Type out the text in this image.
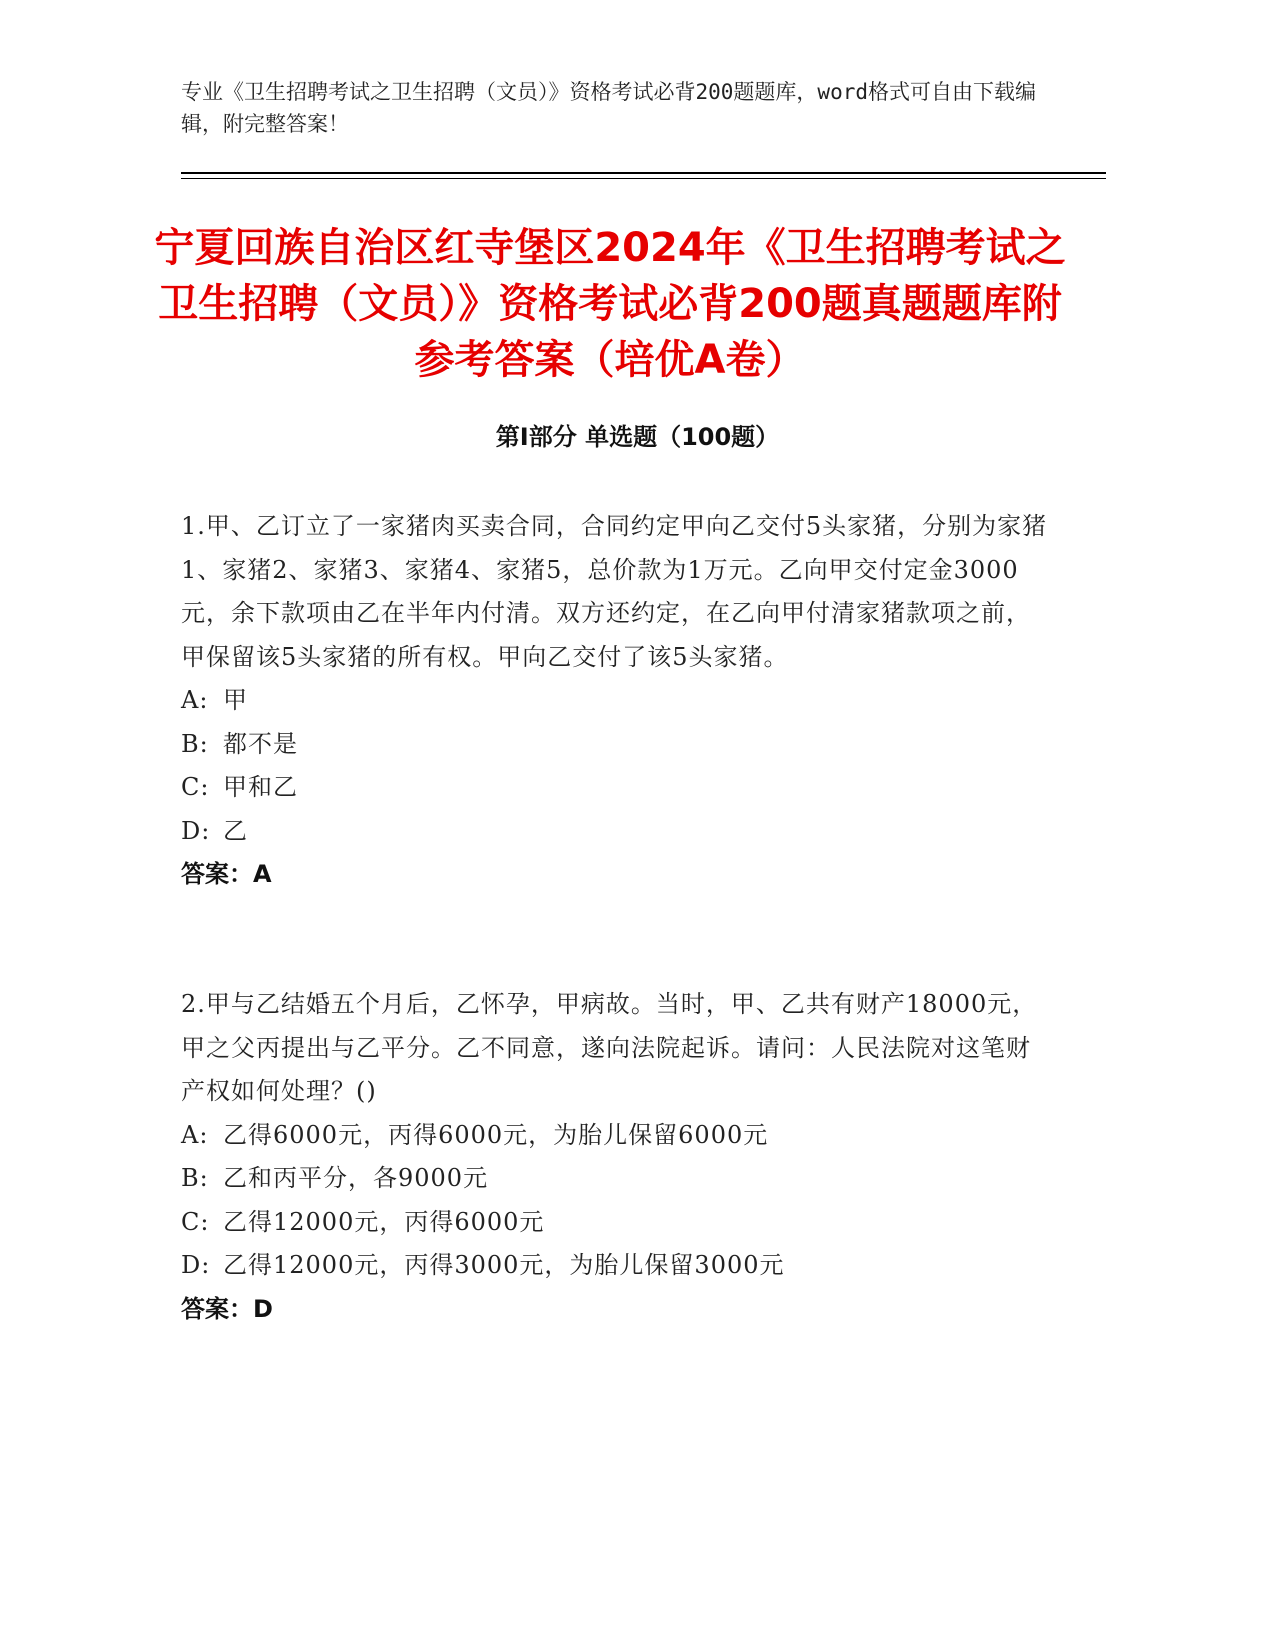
专业《卫生招聘考试之卫生招聘（文员）》资格考试必背200题题库，word格式可自由下载编辑，附完整答案！
宁夏回族自治区红寺堡区2024年《卫生招聘考试之卫生招聘（文员）》资格考试必背200题真题题库附参考答案（培优A卷）
第Ⅰ部分 单选题（100题）
1.甲、乙订立了一家猪肉买卖合同，合同约定甲向乙交付5头家猪，分别为家猪1、家猪2、家猪3、家猪4、家猪5，总价款为1万元。乙向甲交付定金3000元，余下款项由乙在半年内付清。双方还约定，在乙向甲付清家猪款项之前，甲保留该5头家猪的所有权。甲向乙交付了该5头家猪。
A: 甲
B: 都不是
C: 甲和乙
D: 乙
答案：A
2.甲与乙结婚五个月后，乙怀孕，甲病故。当时，甲、乙共有财产18000元，甲之父丙提出与乙平分。乙不同意，遂向法院起诉。请问：人民法院对这笔财产权如何处理？()
A: 乙得6000元，丙得6000元，为胎儿保留6000元
B: 乙和丙平分，各9000元
C: 乙得12000元，丙得6000元
D: 乙得12000元，丙得3000元，为胎儿保留3000元
答案：D
